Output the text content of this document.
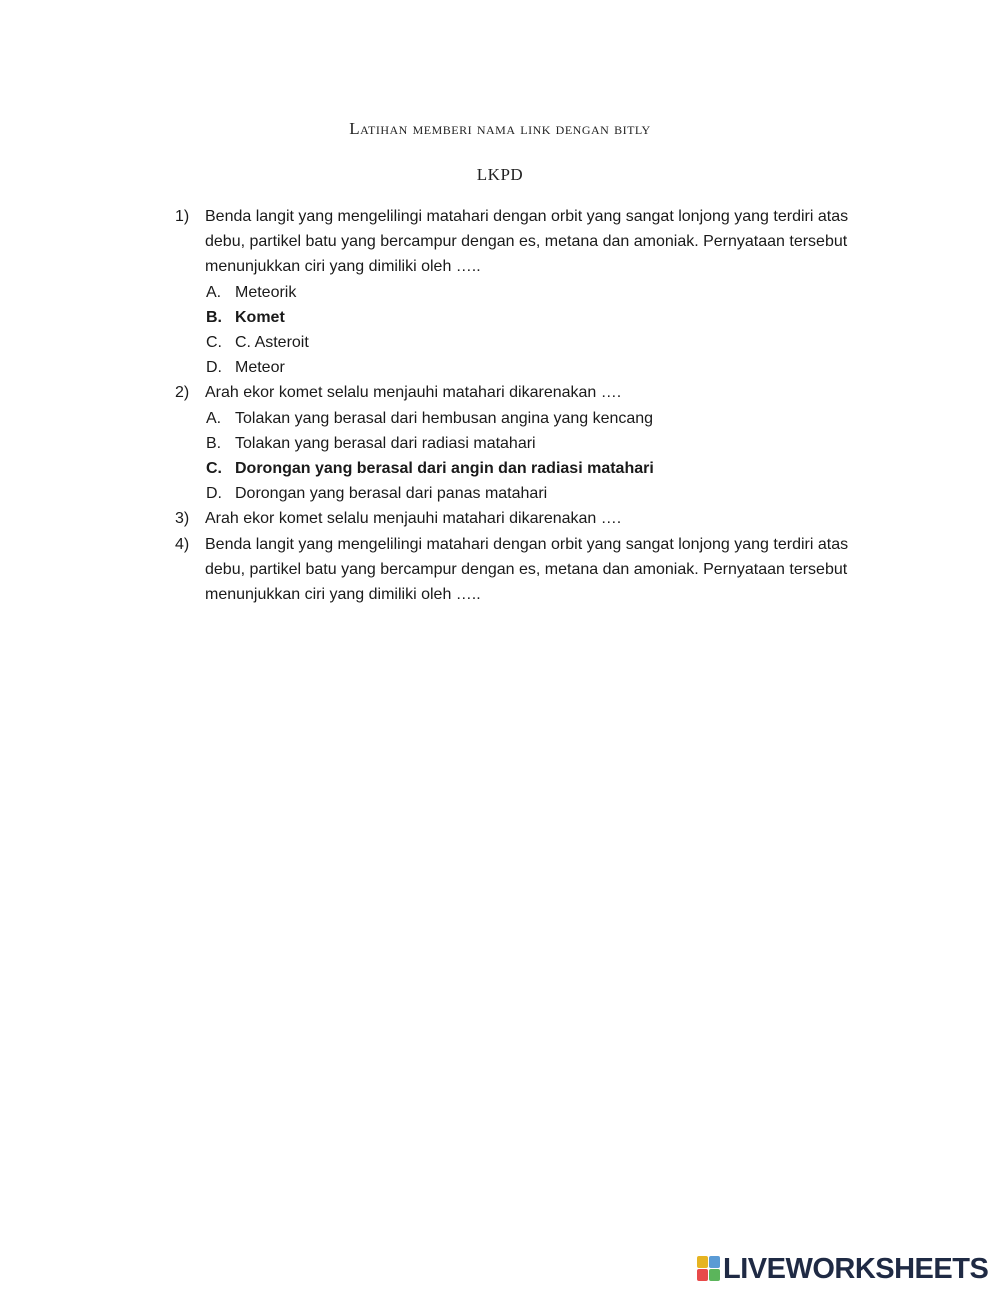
Latihan memberi nama link dengan bitly
LKPD
1) Benda langit yang mengelilingi matahari dengan orbit yang sangat lonjong yang terdiri atas debu, partikel batu yang bercampur dengan es, metana dan amoniak. Pernyataan tersebut menunjukkan ciri yang dimiliki oleh …..
A. Meteorik
B. Komet
C. C. Asteroit
D. Meteor
2) Arah ekor komet selalu menjauhi matahari dikarenakan ….
A. Tolakan yang berasal dari hembusan angina yang kencang
B. Tolakan yang berasal dari radiasi matahari
C. Dorongan yang berasal dari angin dan radiasi matahari
D. Dorongan yang berasal dari panas matahari
3) Arah ekor komet selalu menjauhi matahari dikarenakan ….
4) Benda langit yang mengelilingi matahari dengan orbit yang sangat lonjong yang terdiri atas debu, partikel batu yang bercampur dengan es, metana dan amoniak. Pernyataan tersebut menunjukkan ciri yang dimiliki oleh …..
LIVEWORKSHEETS
